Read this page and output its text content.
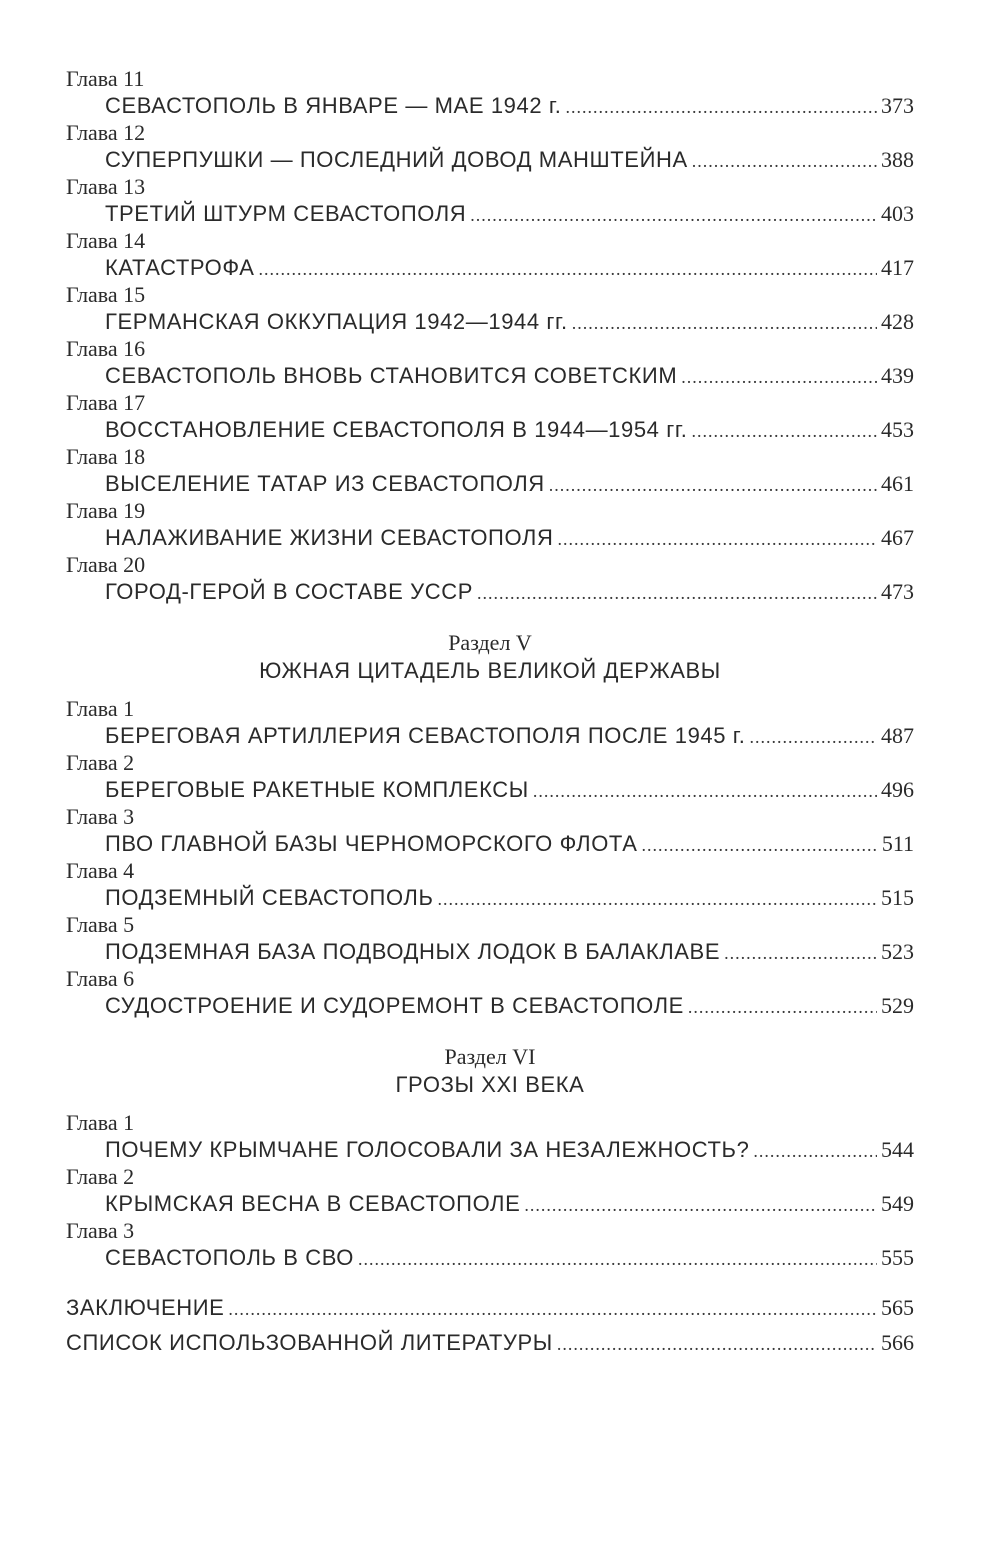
Глава 11
СЕВАСТОПОЛЬ В ЯНВАРЕ — МАЕ 1942 г. .....	373
Глава 12
СУПЕРПУШКИ — ПОСЛЕДНИЙ ДОВОД МАНШТЕЙНА .....	388
Глава 13
ТРЕТИЙ ШТУРМ СЕВАСТОПОЛЯ .....	403
Глава 14
КАТАСТРОФА .....	417
Глава 15
ГЕРМАНСКАЯ ОККУПАЦИЯ 1942—1944 гг. .....	428
Глава 16
СЕВАСТОПОЛЬ ВНОВЬ СТАНОВИТСЯ СОВЕТСКИМ .....	439
Глава 17
ВОССТАНОВЛЕНИЕ СЕВАСТОПОЛЯ В 1944—1954 гг. .....	453
Глава 18
ВЫСЕЛЕНИЕ ТАТАР ИЗ СЕВАСТОПОЛЯ .....	461
Глава 19
НАЛАЖИВАНИЕ ЖИЗНИ СЕВАСТОПОЛЯ .....	467
Глава 20
ГОРОД-ГЕРОЙ В СОСТАВЕ УССР .....	473
Раздел V
ЮЖНАЯ ЦИТАДЕЛЬ ВЕЛИКОЙ ДЕРЖАВЫ
Глава 1
БЕРЕГОВАЯ АРТИЛЛЕРИЯ СЕВАСТОПОЛЯ ПОСЛЕ 1945 г. .....	487
Глава 2
БЕРЕГОВЫЕ РАКЕТНЫЕ КОМПЛЕКСЫ .....	496
Глава 3
ПВО ГЛАВНОЙ БАЗЫ ЧЕРНОМОРСКОГО ФЛОТА .....	511
Глава 4
ПОДЗЕМНЫЙ СЕВАСТОПОЛЬ .....	515
Глава 5
ПОДЗЕМНАЯ БАЗА ПОДВОДНЫХ ЛОДОК В БАЛАКЛАВЕ .....	523
Глава 6
СУДОСТРОЕНИЕ И СУДОРЕМОНТ В СЕВАСТОПОЛЕ .....	529
Раздел VI
ГРОЗЫ XXI ВЕКА
Глава 1
ПОЧЕМУ КРЫМЧАНЕ ГОЛОСОВАЛИ ЗА НЕЗАЛЕЖНОСТЬ? .....	544
Глава 2
КРЫМСКАЯ ВЕСНА В СЕВАСТОПОЛЕ .....	549
Глава 3
СЕВАСТОПОЛЬ В СВО .....	555
ЗАКЛЮЧЕНИЕ .....	565
СПИСОК ИСПОЛЬЗОВАННОЙ ЛИТЕРАТУРЫ .....	566
